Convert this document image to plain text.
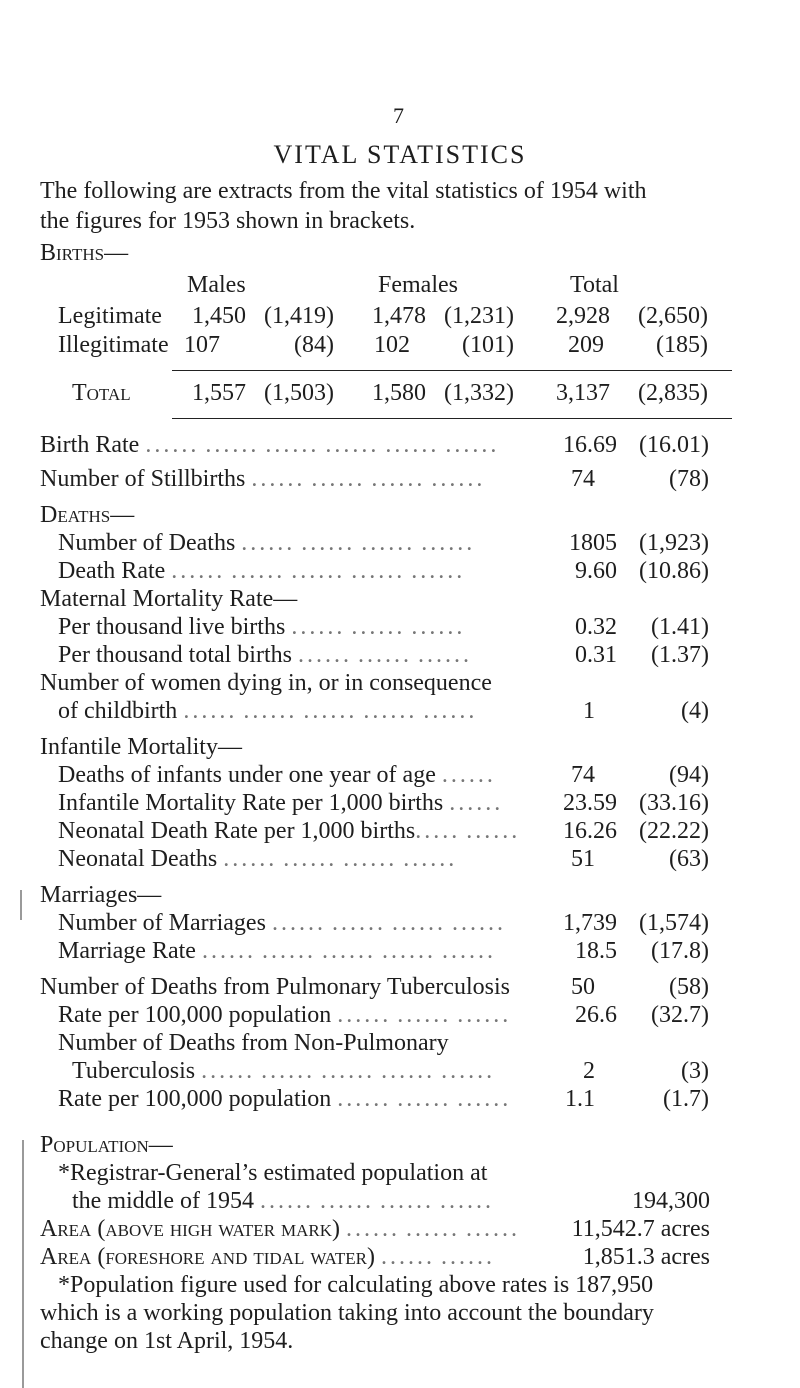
7
VITAL STATISTICS
The following are extracts from the vital statistics of 1954 with
the figures for 1953 shown in brackets.
Births—
Males	Females	Total
Legitimate	1,450 (1,419)	1,478 (1,231)	2,928	(2,650)
Illegitimate 107	(84)	102	(101)	209	(185)
Total	1,557 (1,503)	1,580 (1,332)	3,137	(2,835)
Birth Rate ...... ...... ...... ...... ...... ......	16.69 (16.01)
Number of Stillbirths ...... ...... ...... ......	74	(78)
Deaths—
Number of Deaths ...... ...... ...... ......	1805 (1,923)
Death Rate ...... ...... ...... ...... ......	9.60 (10.86)
Maternal Mortality Rate—
Per thousand live births ...... ...... ......	0.32	(1.41)
Per thousand total births ...... ...... ......	0.31	(1.37)
Number of women dying in, or in consequence
of childbirth ...... ...... ...... ...... ......	1	(4)
Infantile Mortality—
Deaths of infants under one year of age ......	74	(94)
Infantile Mortality Rate per 1,000 births ......	23.59 (33.16)
Neonatal Death Rate per 1,000 births..... ......	16.26 (22.22)
Neonatal Deaths ...... ...... ...... ......	51	(63)
Marriages—
Number of Marriages ...... ...... ...... ......	1,739 (1,574)
Marriage Rate ...... ...... ...... ...... ......	18.5	(17.8)
Number of Deaths from Pulmonary Tuberculosis	50	(58)
Rate per 100,000 population ...... ...... ......	26.6	(32.7)
Number of Deaths from Non-Pulmonary
Tuberculosis ...... ...... ...... ...... ......	2	(3)
Rate per 100,000 population ...... ...... ......	1.1	(1.7)
Population—
*Registrar-General’s estimated population at
the middle of 1954 ...... ...... ...... ......	194,300
Area (above high water mark) ...... ...... ......	11,542.7 acres
Area (foreshore and tidal water) ...... ......	1,851.3 acres
*Population figure used for calculating above rates is 187,950
which is a working population taking into account the boundary
change on 1st April, 1954.
